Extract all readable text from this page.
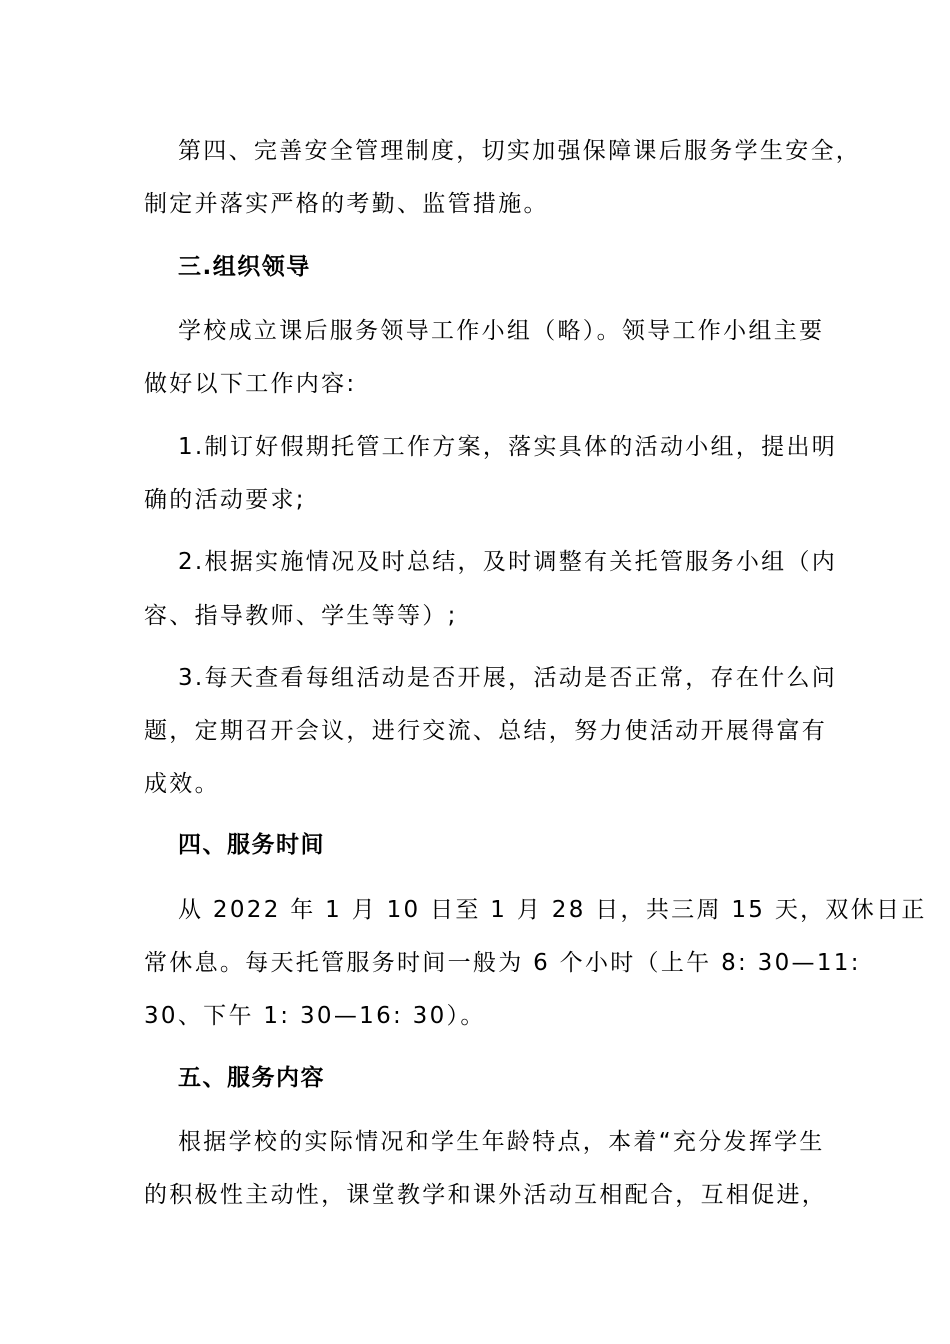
第四、完善安全管理制度，切实加强保障课后服务学生安全，
制定并落实严格的考勤、监管措施。
三.组织领导
学校成立课后服务领导工作小组（略）。领导工作小组主要
做好以下工作内容:
1.制订好假期托管工作方案，落实具体的活动小组，提出明
确的活动要求;
2.根据实施情况及时总结，及时调整有关托管服务小组（内
容、指导教师、学生等等）;
3.每天查看每组活动是否开展，活动是否正常，存在什么问
题，定期召开会议，进行交流、总结，努力使活动开展得富有
成效。
四、服务时间
从 2022 年 1 月 10 日至 1 月 28 日，共三周 15 天，双休日正
常休息。每天托管服务时间一般为 6 个小时（上午 8: 30—11:
30、下午 1: 30—16: 30）。
五、服务内容
根据学校的实际情况和学生年龄特点，本着“充分发挥学生
的积极性主动性，课堂教学和课外活动互相配合，互相促进，
